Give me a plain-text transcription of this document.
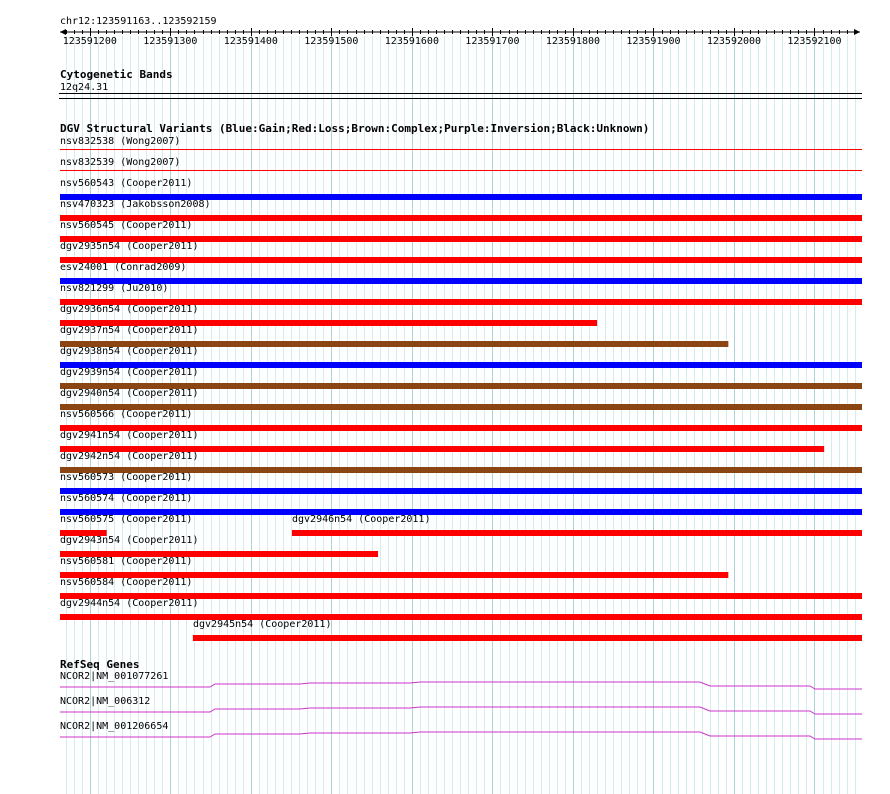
chr12:123591163..123592159
123591200	123591300	123591400	123591500	123591600	123591700	123591800	123591900	123592000	123592100
Cytogenetic Bands
12q24.31
DGV Structural Variants (Blue:Gain;Red:Loss;Brown:Complex;Purple:Inversion;Black:Unknown)
nsv832538 (Wong2007)
nsv832539 (Wong2007)
nsv560543 (Cooper2011)
nsv470323 (Jakobsson2008)
nsv560545 (Cooper2011)
dgv2935n54 (Cooper2011)
esv24001 (Conrad2009)
nsv821299 (Ju2010)
dgv2936n54 (Cooper2011)
dgv2937n54 (Cooper2011)
dgv2938n54 (Cooper2011)
dgv2939n54 (Cooper2011)
dgv2940n54 (Cooper2011)
nsv560566 (Cooper2011)
dgv2941n54 (Cooper2011)
dgv2942n54 (Cooper2011)
nsv560573 (Cooper2011)
nsv560574 (Cooper2011)
nsv560575 (Cooper2011)	dgv2946n54 (Cooper2011)
dgv2943n54 (Cooper2011)
nsv560581 (Cooper2011)
nsv560584 (Cooper2011)
dgv2944n54 (Cooper2011)
dgv2945n54 (Cooper2011)
RefSeq Genes
NCOR2|NM_001077261
NCOR2|NM_006312
NCOR2|NM_001206654
